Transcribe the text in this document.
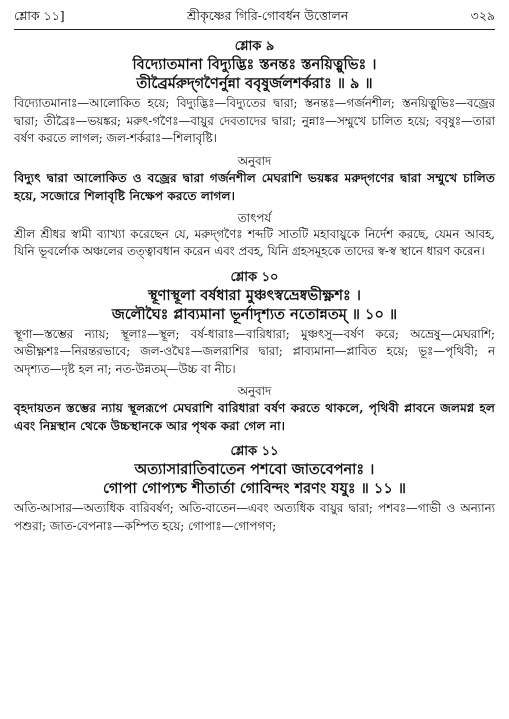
শ্লোক ১১]	শ্রীকৃষ্ণের গিরি-গোবর্ধন উত্তোলন	৩২৯
শ্লোক ৯
বিদ্যোতমানা বিদ্যুদ্ভিঃ স্তনন্তঃ স্তনয়িত্নুভিঃ ।
তীব্রৈর্মরুদ্‌গণৈর্নুন্না ববৃষুর্জলশর্করাঃ ॥ ৯ ॥
বিদ্যোতমানাঃ—আলোকিত হয়ে; বিদ্যুদ্ভিঃ—বিদ্যুতের দ্বারা; স্তনন্তঃ—গর্জনশীল; স্তনয়িত্নুভিঃ—বজ্রের দ্বারা; তীব্রৈঃ—ভয়ঙ্কর; মরুৎ-গণৈঃ—বায়ুর দেবতাদের দ্বারা; নুন্নাঃ—সম্মুখে চালিত হয়ে; ববৃষুঃ—তারা বর্ষণ করতে লাগল; জল-শর্করাঃ—শিলাবৃষ্টি।
অনুবাদ
বিদ্যুৎ দ্বারা আলোকিত ও বজ্রের দ্বারা গর্জনশীল মেঘরাশি ভয়ঙ্কর মরুদ্‌গণের দ্বারা সম্মুখে চালিত হয়ে, সজোরে শিলাবৃষ্টি নিক্ষেপ করতে লাগল।
তাৎপর্য
শ্রীল শ্রীধর স্বামী ব্যাখ্যা করেছেন যে, মরুদ্‌গণৈঃ শব্দটি সাতটি মহাবায়ুকে নির্দেশ করছে, যেমন আবহ, যিনি ভূবর্লোক অঞ্চলের তত্ত্বাবধান করেন এবং প্রবহ, যিনি গ্রহসমূহকে তাদের স্ব-স্ব স্থানে ধারণ করেন।
শ্লোক ১০
স্থূণাস্থূলা বর্ষধারা মুঞ্চৎস্বভ্রেষ্বভীক্ষ্ণশঃ ।
জলৌঘৈঃ প্লাব্যমানা ভূর্নাদৃশ্যত নতোন্নতম্ ॥ ১০ ॥
স্থূণা—স্তম্ভের ন্যায়; স্থূলাঃ—স্থূল; বর্ষ-ধারাঃ—বারিধারা; মুঞ্চৎসু—বর্ষণ করে; অভ্রেষু—মেঘরাশি; অভীক্ষ্ণশঃ—নিরন্তরভাবে; জল-ওঘৈঃ—জলরাশির দ্বারা; প্লাব্যমানা—প্লাবিত হয়ে; ভূঃ—পৃথিবী; ন অদৃশ্যত—দৃষ্ট হল না; নত-উন্নতম্—উচ্চ বা নীচ।
অনুবাদ
বৃহদায়তন স্তম্ভের ন্যায় স্থূলরূপে মেঘরাশি বারিধারা বর্ষণ করতে থাকলে, পৃথিবী প্লাবনে জলমগ্ন হল এবং নিম্নস্থান থেকে উচ্চস্থানকে আর পৃথক করা গেল না।
শ্লোক ১১
অত্যাসারাতিবাতেন পশবো জাতবেপনাঃ ।
গোপা গোপ্যশ্চ শীতার্তা গোবিন্দং শরণং যযুঃ ॥ ১১ ॥
অতি-আসার—অত্যধিক বারিবর্ষণ; অতি-বাতেন—এবং অত্যধিক বায়ুর দ্বারা; পশবঃ—গাভী ও অন্যান্য পশুরা; জাত-বেপনাঃ—কম্পিত হয়ে; গোপাঃ—গোপগণ;
